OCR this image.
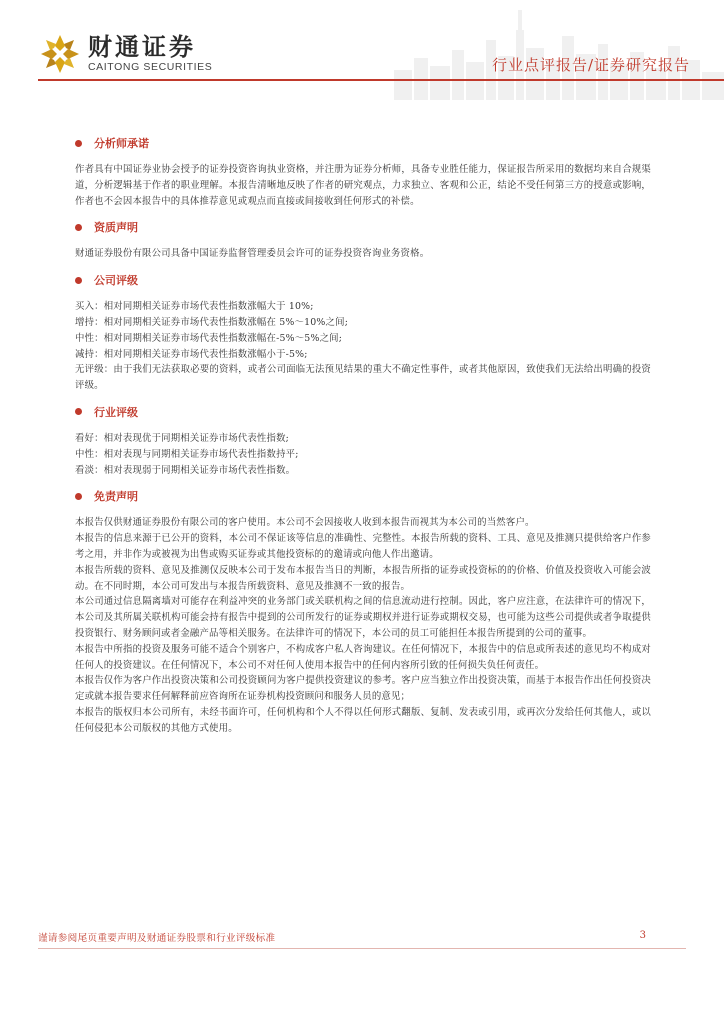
财通证券
CAITONG SECURITIES	行业点评报告/证券研究报告
分析师承诺

作者具有中国证券业协会授予的证券投资咨询执业资格，并注册为证券分析师，具备专业胜任能力，保证报告所采用的数据均来自合规渠道，分析逻辑基于作者的职业理解。本报告清晰地反映了作者的研究观点，力求独立、客观和公正，结论不受任何第三方的授意或影响，作者也不会因本报告中的具体推荐意见或观点而直接或间接收到任何形式的补偿。

资质声明

财通证券股份有限公司具备中国证券监督管理委员会许可的证券投资咨询业务资格。

公司评级
买入：相对同期相关证券市场代表性指数涨幅大于 10%;
增持：相对同期相关证券市场代表性指数涨幅在 5%～10%之间;
中性：相对同期相关证券市场代表性指数涨幅在-5%～5%之间;
减持：相对同期相关证券市场代表性指数涨幅小于-5%;
无评级：由于我们无法获取必要的资料，或者公司面临无法预见结果的重大不确定性事件，或者其他原因，致使我们无法给出明确的投资评级。
行业评级
看好：相对表现优于同期相关证券市场代表性指数;
中性：相对表现与同期相关证券市场代表性指数持平;
看淡：相对表现弱于同期相关证券市场代表性指数。
免责声明
本报告仅供财通证券股份有限公司的客户使用。本公司不会因接收人收到本报告而视其为本公司的当然客户。
本报告的信息来源于已公开的资料，本公司不保证该等信息的准确性、完整性。本报告所载的资料、工具、意见及推测只提供给客户作参考之用，并非作为或被视为出售或购买证券或其他投资标的的邀请或向他人作出邀请。
本报告所载的资料、意见及推测仅反映本公司于发布本报告当日的判断，本报告所指的证券或投资标的的价格、价值及投资收入可能会波动。在不同时期，本公司可发出与本报告所载资料、意见及推测不一致的报告。
本公司通过信息隔离墙对可能存在利益冲突的业务部门或关联机构之间的信息流动进行控制。因此，客户应注意，在法律许可的情况下，本公司及其所属关联机构可能会持有报告中提到的公司所发行的证券或期权并进行证券或期权交易，也可能为这些公司提供或者争取提供投资银行、财务顾问或者金融产品等相关服务。在法律许可的情况下，本公司的员工可能担任本报告所提到的公司的董事。
本报告中所指的投资及服务可能不适合个别客户，不构成客户私人咨询建议。在任何情况下，本报告中的信息或所表述的意见均不构成对任何人的投资建议。在任何情况下，本公司不对任何人使用本报告中的任何内容所引致的任何损失负任何责任。
本报告仅作为客户作出投资决策和公司投资顾问为客户提供投资建议的参考。客户应当独立作出投资决策，而基于本报告作出任何投资决定或就本报告要求任何解释前应咨询所在证券机构投资顾问和服务人员的意见；
本报告的版权归本公司所有，未经书面许可，任何机构和个人不得以任何形式翻版、复制、发表或引用，或再次分发给任何其他人，或以任何侵犯本公司版权的其他方式使用。
谨请参阅尾页重要声明及财通证券股票和行业评级标准	3
